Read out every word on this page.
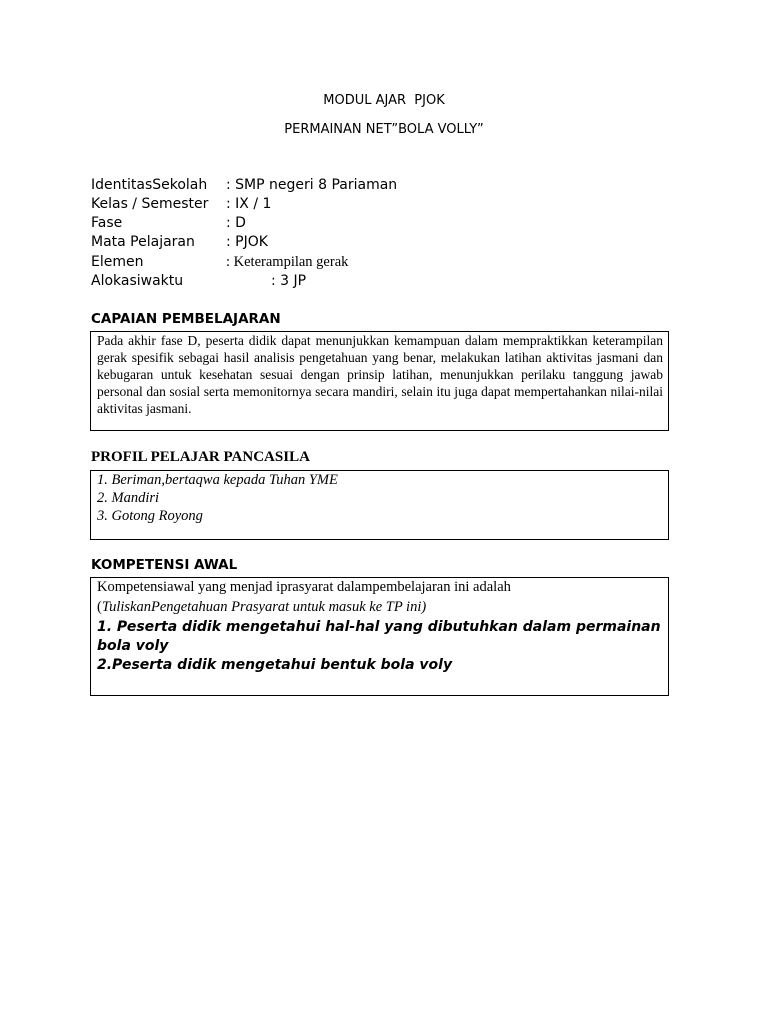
MODUL AJAR  PJOK
PERMAINAN NET”BOLA VOLLY”
IdentitasSekolah : SMP negeri 8 Pariaman
Kelas / Semester : IX / 1
Fase	: D
Mata Pelajaran : PJOK
Elemen	: Keterampilan gerak
Alokasiwaktu	: 3 JP
CAPAIAN PEMBELAJARAN
Pada akhir fase D, peserta didik dapat menunjukkan kemampuan dalam mempraktikkan keterampilan gerak spesifik sebagai hasil analisis pengetahuan yang benar, melakukan latihan aktivitas jasmani dan kebugaran untuk kesehatan sesuai dengan prinsip latihan, menunjukkan perilaku tanggung jawab personal dan sosial serta memonitornya secara mandiri, selain itu juga dapat mempertahankan nilai-nilai aktivitas jasmani.
PROFIL PELAJAR PANCASILA
1. Beriman,bertaqwa kepada Tuhan YME
2. Mandiri
3. Gotong Royong
KOMPETENSI AWAL
Kompetensiawal yang menjad iprasyarat dalampembelajaran ini adalah
(TuliskanPengetahuan Prasyarat untuk masuk ke TP ini)
1. Peserta didik mengetahui hal-hal yang dibutuhkan dalam permainan bola voly
2.Peserta didik mengetahui bentuk bola voly
